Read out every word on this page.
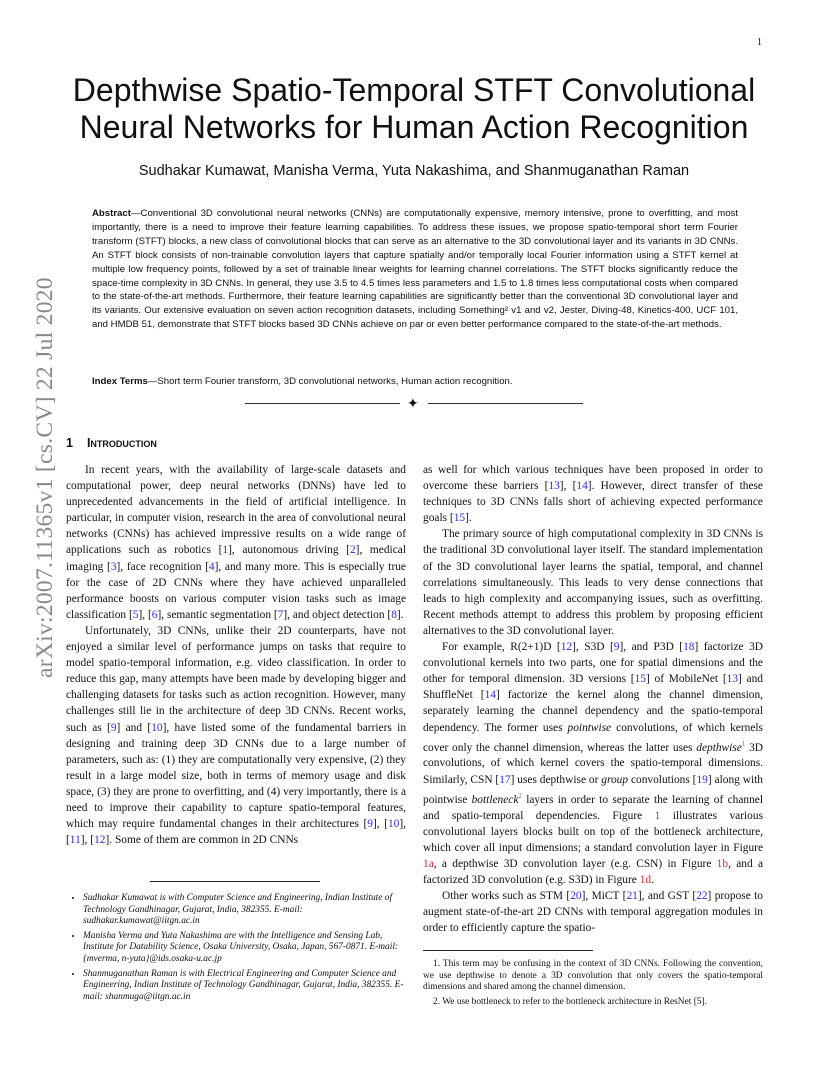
1
Depthwise Spatio-Temporal STFT Convolutional
Neural Networks for Human Action Recognition
Sudhakar Kumawat, Manisha Verma, Yuta Nakashima, and Shanmuganathan Raman
Abstract—Conventional 3D convolutional neural networks (CNNs) are computationally expensive, memory intensive, prone to overfitting, and most importantly, there is a need to improve their feature learning capabilities. To address these issues, we propose spatio-temporal short term Fourier transform (STFT) blocks, a new class of convolutional blocks that can serve as an alternative to the 3D convolutional layer and its variants in 3D CNNs. An STFT block consists of non-trainable convolution layers that capture spatially and/or temporally local Fourier information using a STFT kernel at multiple low frequency points, followed by a set of trainable linear weights for learning channel correlations. The STFT blocks significantly reduce the space-time complexity in 3D CNNs. In general, they use 3.5 to 4.5 times less parameters and 1.5 to 1.8 times less computational costs when compared to the state-of-the-art methods. Furthermore, their feature learning capabilities are significantly better than the conventional 3D convolutional layer and its variants. Our extensive evaluation on seven action recognition datasets, including Something² v1 and v2, Jester, Diving-48, Kinetics-400, UCF 101, and HMDB 51, demonstrate that STFT blocks based 3D CNNs achieve on par or even better performance compared to the state-of-the-art methods.
Index Terms—Short term Fourier transform, 3D convolutional networks, Human action recognition.
✦
1 Introduction

In recent years, with the availability of large-scale datasets and computational power, deep neural networks (DNNs) have led to unprecedented advancements in the field of artificial intelligence. In particular, in computer vision, research in the area of convolutional neural networks (CNNs) has achieved impressive results on a wide range of applications such as robotics [1], autonomous driving [2], medical imaging [3], face recognition [4], and many more. This is especially true for the case of 2D CNNs where they have achieved unparalleled performance boosts on various computer vision tasks such as image classification [5], [6], semantic segmentation [7], and object detection [8].

Unfortunately, 3D CNNs, unlike their 2D counterparts, have not enjoyed a similar level of performance jumps on tasks that require to model spatio-temporal information, e.g. video classification. In order to reduce this gap, many attempts have been made by developing bigger and challenging datasets for tasks such as action recognition. However, many challenges still lie in the architecture of deep 3D CNNs. Recent works, such as [9] and [10], have listed some of the fundamental barriers in designing and training deep 3D CNNs due to a large number of parameters, such as: (1) they are computationally very expensive, (2) they result in a large model size, both in terms of memory usage and disk space, (3) they are prone to overfitting, and (4) very importantly, there is a need to improve their capability to capture spatio-temporal features, which may require fundamental changes in their architectures [9], [10], [11], [12]. Some of them are common in 2D CNNs

as well for which various techniques have been proposed in order to overcome these barriers [13], [14]. However, direct transfer of these techniques to 3D CNNs falls short of achieving expected performance goals [15].

The primary source of high computational complexity in 3D CNNs is the traditional 3D convolutional layer itself. The standard implementation of the 3D convolutional layer learns the spatial, temporal, and channel correlations simultaneously. This leads to very dense connections that leads to high complexity and accompanying issues, such as overfitting. Recent methods attempt to address this problem by proposing efficient alternatives to the 3D convolutional layer.

For example, R(2+1)D [12], S3D [9], and P3D [18] factorize 3D convolutional kernels into two parts, one for spatial dimensions and the other for temporal dimension. 3D versions [15] of MobileNet [13] and ShuffleNet [14] factorize the kernel along the channel dimension, separately learning the channel dependency and the spatio-temporal dependency. The former uses pointwise convolutions, of which kernels cover only the channel dimension, whereas the latter uses depthwise$^1$ 3D convolutions, of which kernel covers the spatio-temporal dimensions. Similarly, CSN [17] uses depthwise or group convolutions [19] along with pointwise bottleneck$^2$ layers in order to separate the learning of channel and spatio-temporal dependencies. Figure 1 illustrates various convolutional layers blocks built on top of the bottleneck architecture, which cover all input dimensions; a standard convolution layer in Figure 1a, a depthwise 3D convolution layer (e.g. CSN) in Figure 1b, and a factorized 3D convolution (e.g. S3D) in Figure 1d.

Other works such as STM [20], MiCT [21], and GST [22] propose to augment state-of-the-art 2D CNNs with temporal aggregation modules in order to efficiently capture the spatio-

• Sudhakar Kumawat is with Computer Science and Engineering, Indian Institute of Technology Gandhinagar, Gujarat, India, 382355. E-mail: sudhakar.kumawat@iitgn.ac.in
• Manisha Verma and Yuta Nakashima are with the Intelligence and Sensing Lab, Institute for Datability Science, Osaka University, Osaka, Japan, 567-0871. E-mail: {mverma, n-yuta}@ids.osaka-u.ac.jp
• Shanmuganathan Raman is with Electrical Engineering and Computer Science and Engineering, Indian Institute of Technology Gandhinagar, Gujarat, India, 382355. E-mail: shanmuga@iitgn.ac.in

1. This term may be confusing in the context of 3D CNNs. Following the convention, we use depthwise to denote a 3D convolution that only covers the spatio-temporal dimensions and shared among the channel dimension.

2. We use bottleneck to refer to the bottleneck architecture in ResNet [5].

arXiv:2007.11365v1 [cs.CV] 22 Jul 2020
